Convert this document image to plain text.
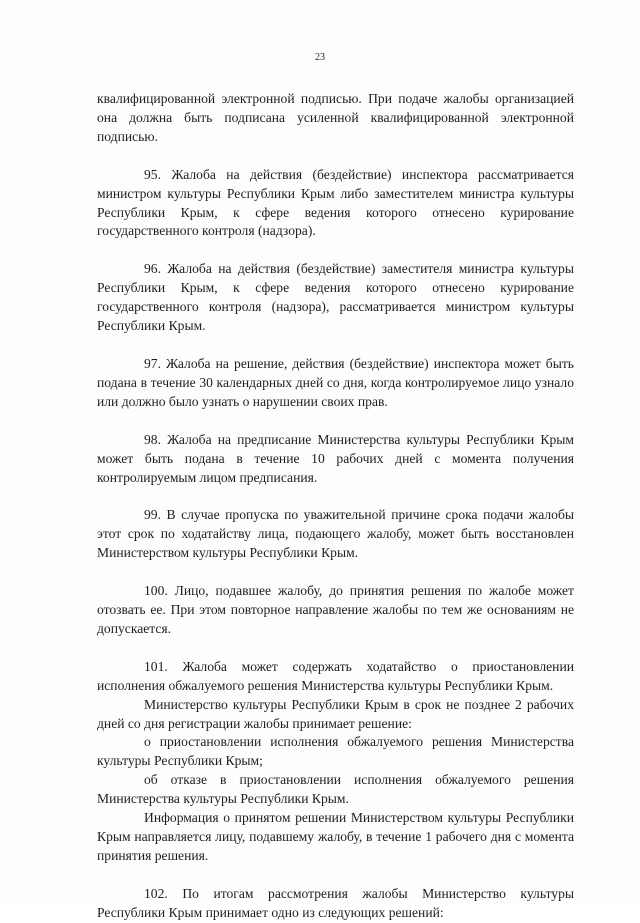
23

квалифицированной электронной подписью. При подаче жалобы организацией она должна быть подписана усиленной квалифицированной электронной подписью.

95. Жалоба на действия (бездействие) инспектора рассматривается министром культуры Республики Крым либо заместителем министра культуры Республики Крым, к сфере ведения которого отнесено курирование государственного контроля (надзора).

96. Жалоба на действия (бездействие) заместителя министра культуры Республики Крым, к сфере ведения которого отнесено курирование государственного контроля (надзора), рассматривается министром культуры Республики Крым.

97. Жалоба на решение, действия (бездействие) инспектора может быть подана в течение 30 календарных дней со дня, когда контролируемое лицо узнало или должно было узнать о нарушении своих прав.

98. Жалоба на предписание Министерства культуры Республики Крым может быть подана в течение 10 рабочих дней с момента получения контролируемым лицом предписания.

99. В случае пропуска по уважительной причине срока подачи жалобы этот срок по ходатайству лица, подающего жалобу, может быть восстановлен Министерством культуры Республики Крым.

100. Лицо, подавшее жалобу, до принятия решения по жалобе может отозвать ее. При этом повторное направление жалобы по тем же основаниям не допускается.

101. Жалоба может содержать ходатайство о приостановлении исполнения обжалуемого решения Министерства культуры Республики Крым.

Министерство культуры Республики Крым в срок не позднее 2 рабочих дней со дня регистрации жалобы принимает решение:

о приостановлении исполнения обжалуемого решения Министерства культуры Республики Крым;

об отказе в приостановлении исполнения обжалуемого решения Министерства культуры Республики Крым.

Информация о принятом решении Министерством культуры Республики Крым направляется лицу, подавшему жалобу, в течение 1 рабочего дня с момента принятия решения.

102. По итогам рассмотрения жалобы Министерство культуры Республики Крым принимает одно из следующих решений:
